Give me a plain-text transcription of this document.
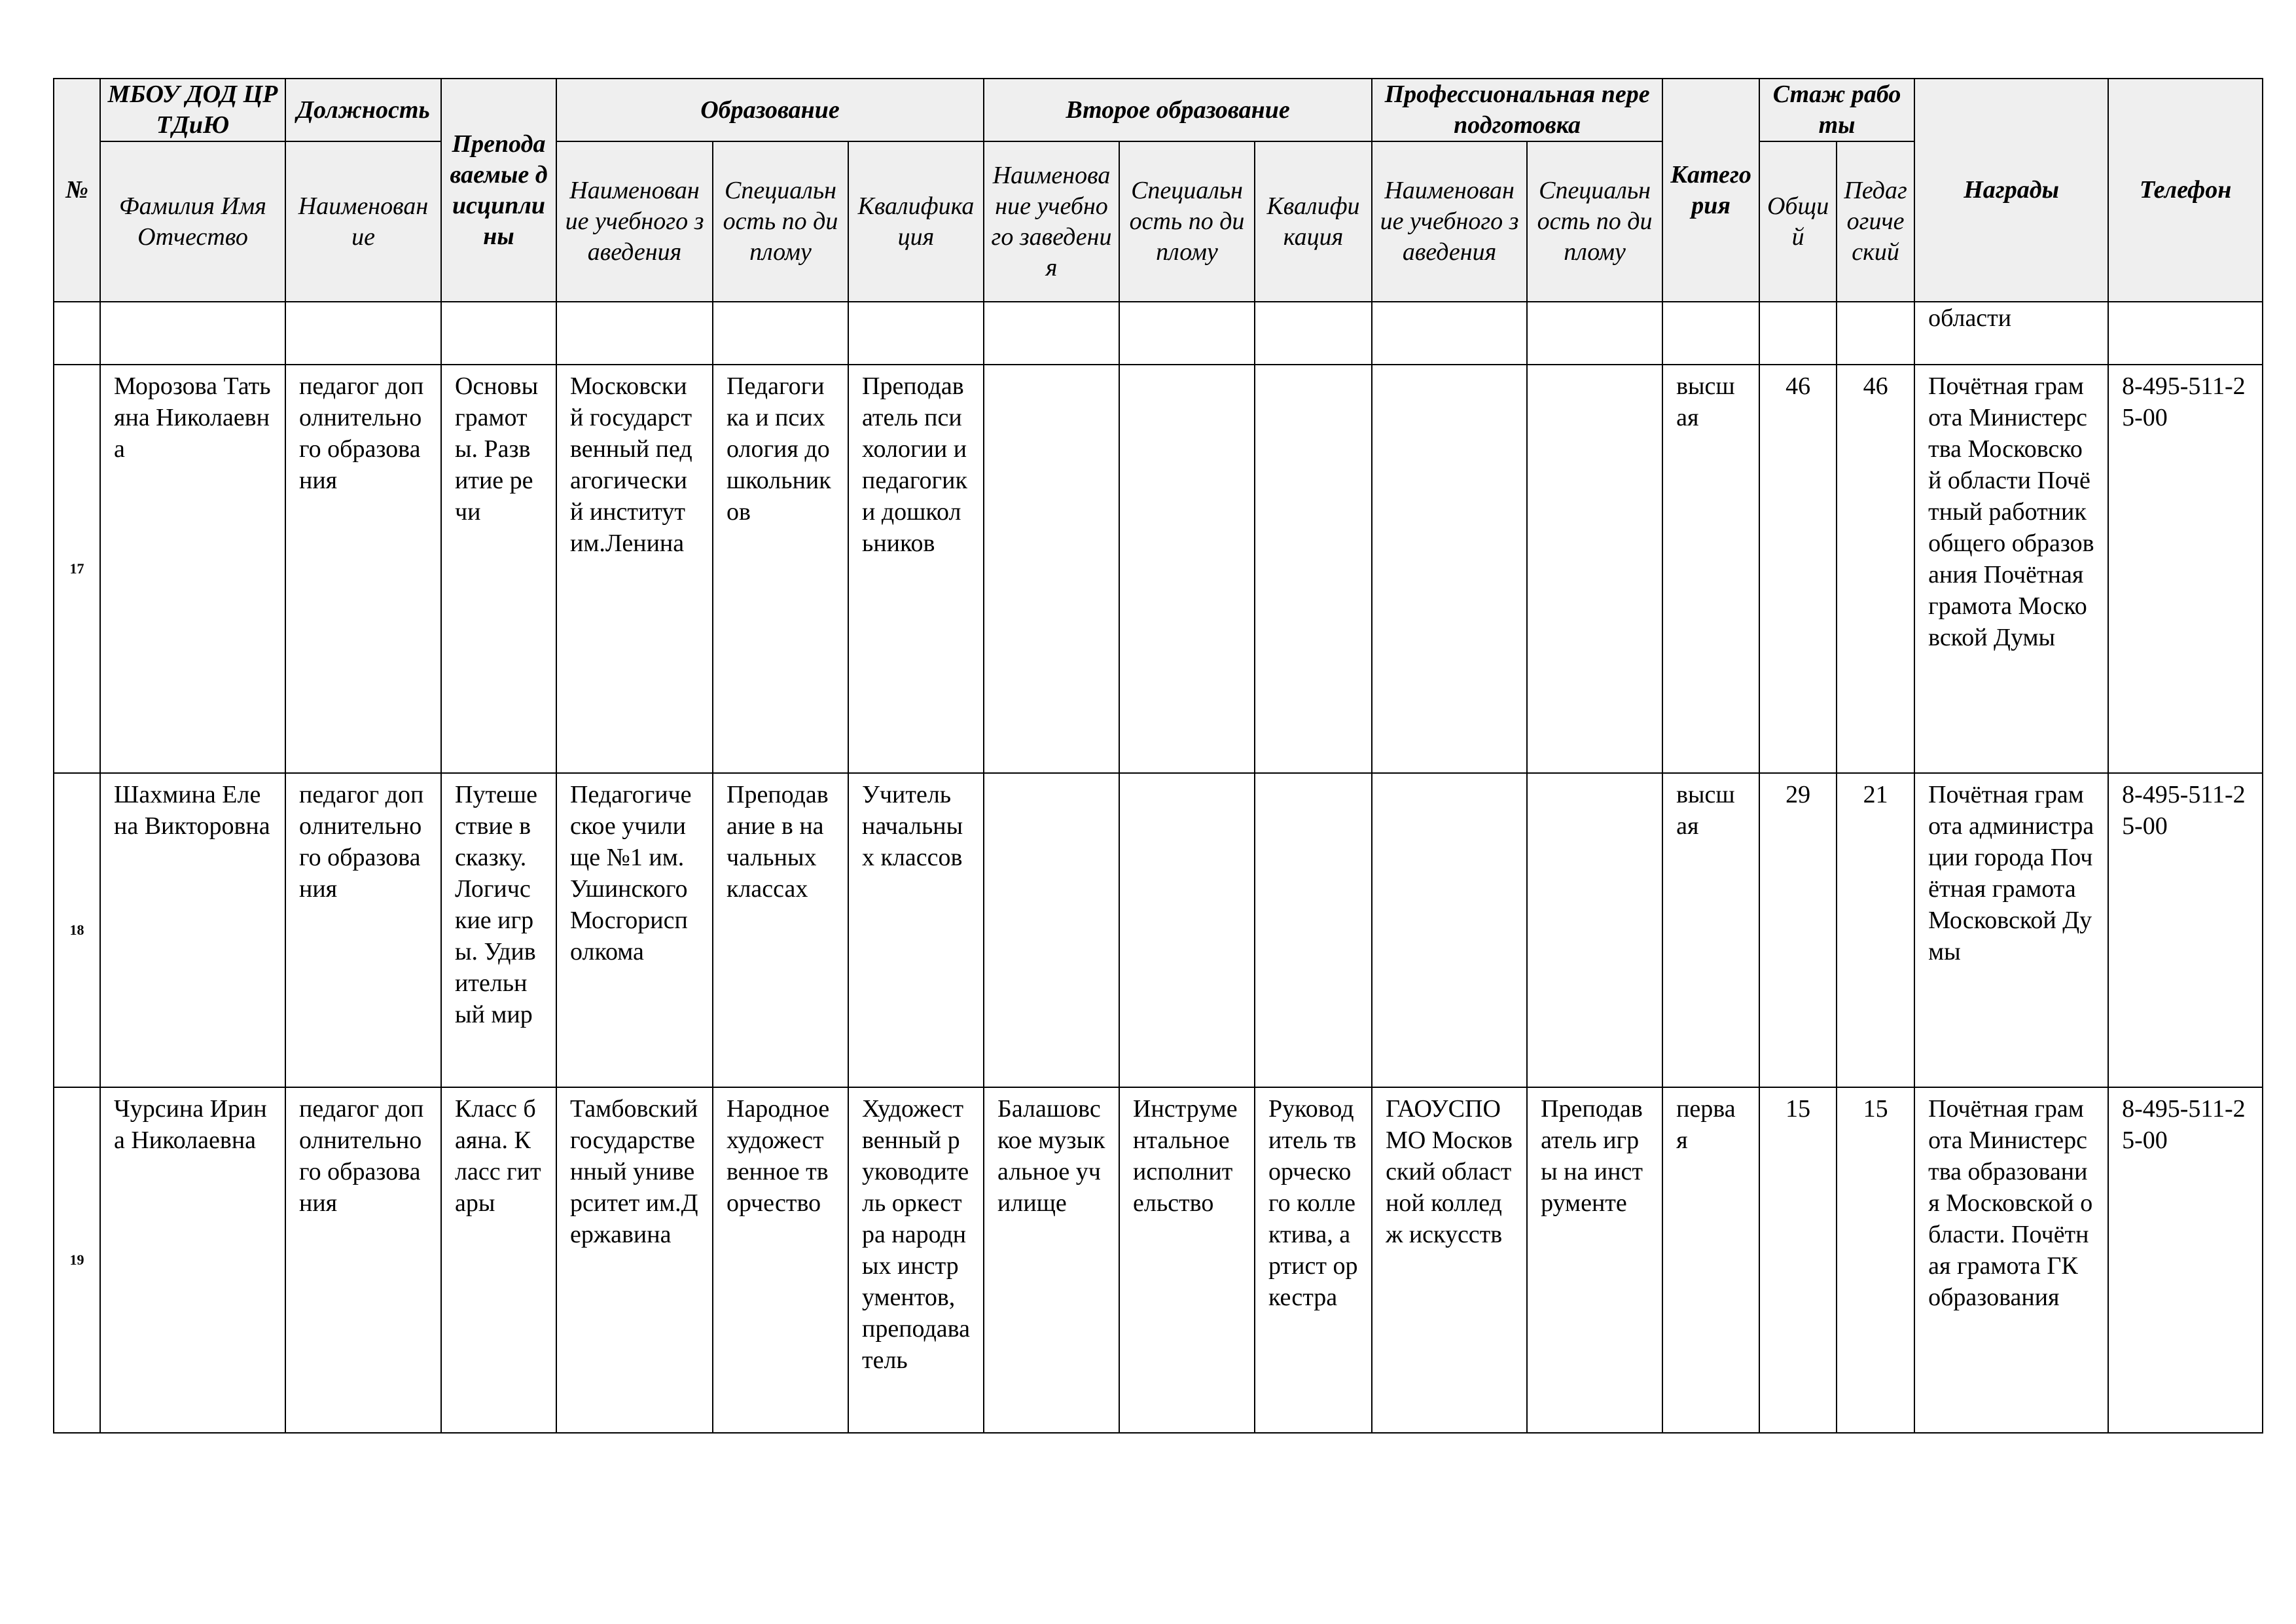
№	МБОУ ДОД ЦРТДиЮ	Должность	Преподаваемые дисциплины	Образование			Второе образование			Профессиональная переподготовка		Категория	Стаж работы		Награды	Телефон
	Фамилия Имя Отчество	Наименование		Наименование учебного заведения	Специальность по диплому	Квалификация	Наименование учебного заведения	Специальность по диплому	Квалификация	Наименование учебного заведения	Специальность по диплому		Общий	Педагогический		
															области	
17	Морозова Татьяна Николаевна	педагог дополнительного образования	Основы грамоты. Развитие речи	Московский государственный педагогический институт им.Ленина	Педагогика и психология дошкольников	Преподаватель психологии и педагогики дошкольников						высшая	46	46	Почётная грамота Министерства Московской области Почётный работник общего образования Почётная грамота Московской Думы	8-495-511-25-00
18	Шахмина Елена Викторовна	педагог дополнительного образования	Путешествие в сказку. Логичские игры. Удивительный мир	Педагогическое училище №1 им.Ушинского Мосгорисполкома	Преподавание в начальных классах	Учитель начальных классов						высшая	29	21	Почётная грамота администрации города Почётная грамота Московской Думы	8-495-511-25-00
19	Чурсина Ирина Николаевна	педагог дополнительного образования	Класс баяна. Класс гитары	Тамбовский государственный университет им.Державина	Народное художественное творчество	Художественный руководитель оркестра народных инструментов, преподаватель	Балашовское музыкальное училище	Инструментальное исполнительство	Руководитель творческого коллектива, артист оркестра	ГАОУСПО МО Московский областной колледж искусств	Преподаватель игры на инструменте	первая	15	15	Почётная грамота Министерства образования Московской области. Почётная грамота ГК образования	8-495-511-25-00
